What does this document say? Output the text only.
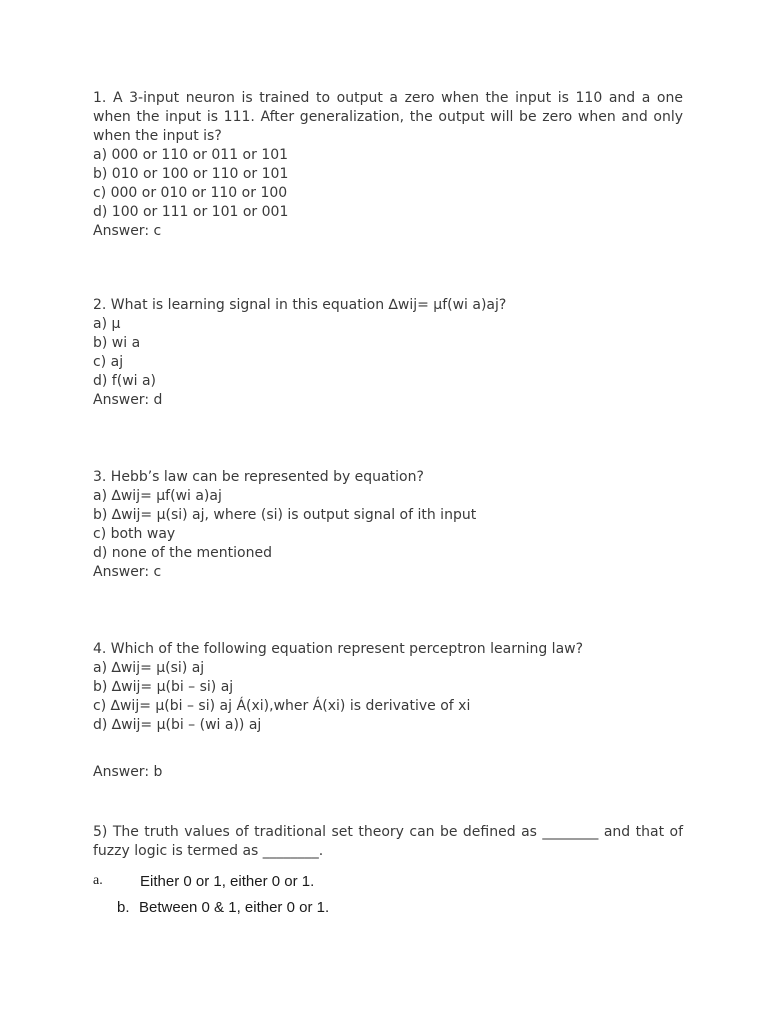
1. A 3-input neuron is trained to output a zero when the input is 110 and a one when the input is 111. After generalization, the output will be zero when and only when the input is?

a) 000 or 110 or 011 or 101

b) 010 or 100 or 110 or 101

c) 000 or 010 or 110 or 100

d) 100 or 111 or 101 or 001

Answer: c

2. What is learning signal in this equation ∆wij= µf(wi a)aj?

a) µ

b) wi a

c) aj

d) f(wi a)

Answer: d

3. Hebb’s law can be represented by equation?

a) ∆wij= µf(wi a)aj

b) ∆wij= µ(si) aj, where (si) is output signal of ith input

c) both way

d) none of the mentioned

Answer: c

4. Which of the following equation represent perceptron learning law?

a) ∆wij= µ(si) aj

b) ∆wij= µ(bi – si) aj

c) ∆wij= µ(bi – si) aj Á(xi),wher Á(xi) is derivative of xi

d) ∆wij= µ(bi – (wi a)) aj

Answer: b

5) The truth values of traditional set theory can be defined as ________ and that of fuzzy logic is termed as ________.

a. Either 0 or 1, either 0 or 1.
b. Between 0 & 1, either 0 or 1.
